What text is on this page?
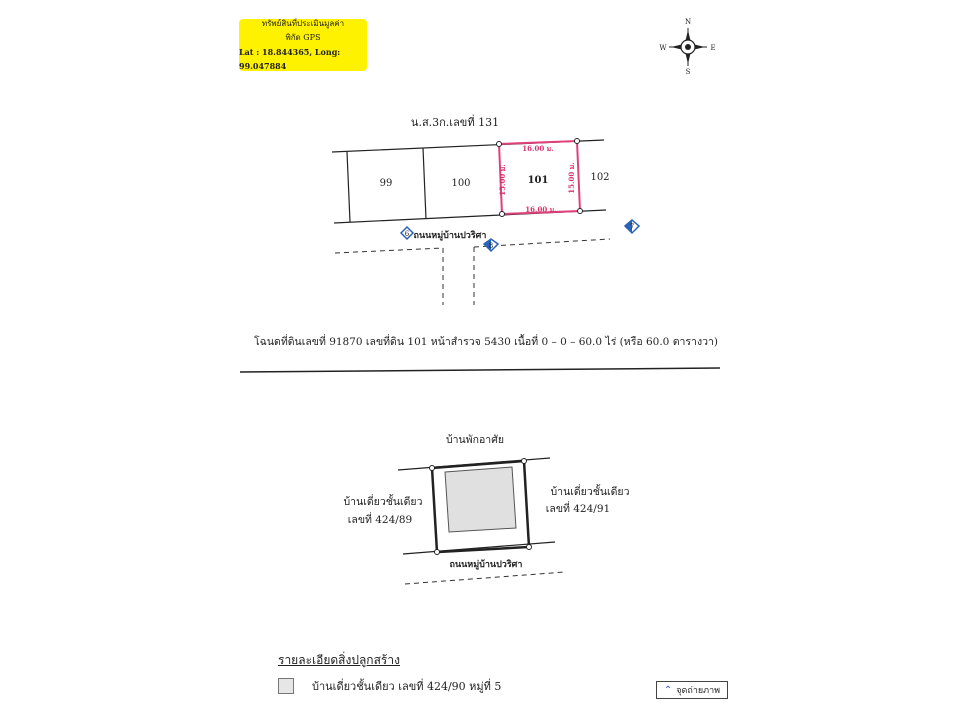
ทรัพย์สินที่ประเมินมูลค่า
พิกัด GPS
Lat : 18.844365, Long: 99.047884
N
S
E
W
น.ส.3ก.เลขที่ 131
99	100	101	102
16.00 ม.
16.00 ม.
15.00 ม.	15.00 ม.
ถนนหมู่บ้านปวริศา
6
8
7
โฉนดที่ดินเลขที่ 91870 เลขที่ดิน 101 หน้าสำรวจ 5430 เนื้อที่ 0 – 0 – 60.0 ไร่ (หรือ 60.0 ตารางวา)
บ้านพักอาศัย
บ้านเดี่ยวชั้นเดียว
เลขที่ 424/89
บ้านเดี่ยวชั้นเดียว
เลขที่ 424/91
ถนนหมู่บ้านปวริศา
รายละเอียดสิ่งปลูกสร้าง
บ้านเดี่ยวชั้นเดียว เลขที่ 424/90 หมู่ที่ 5	⌃ จุดถ่ายภาพ
